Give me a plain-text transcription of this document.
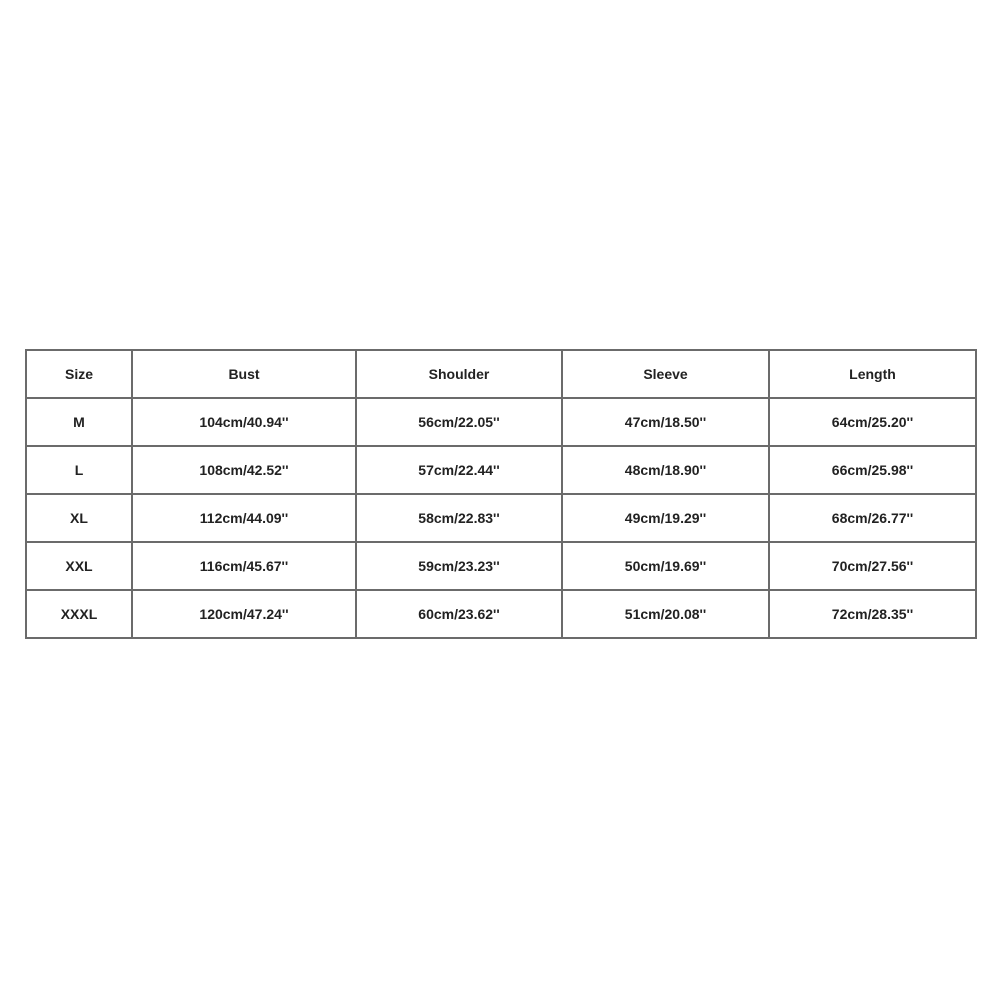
Size	Bust	Shoulder	Sleeve	Length
M	104cm/40.94''	56cm/22.05''	47cm/18.50''	64cm/25.20''
L	108cm/42.52''	57cm/22.44''	48cm/18.90''	66cm/25.98''
XL	112cm/44.09''	58cm/22.83''	49cm/19.29''	68cm/26.77''
XXL	116cm/45.67''	59cm/23.23''	50cm/19.69''	70cm/27.56''
XXXL	120cm/47.24''	60cm/23.62''	51cm/20.08''	72cm/28.35''
